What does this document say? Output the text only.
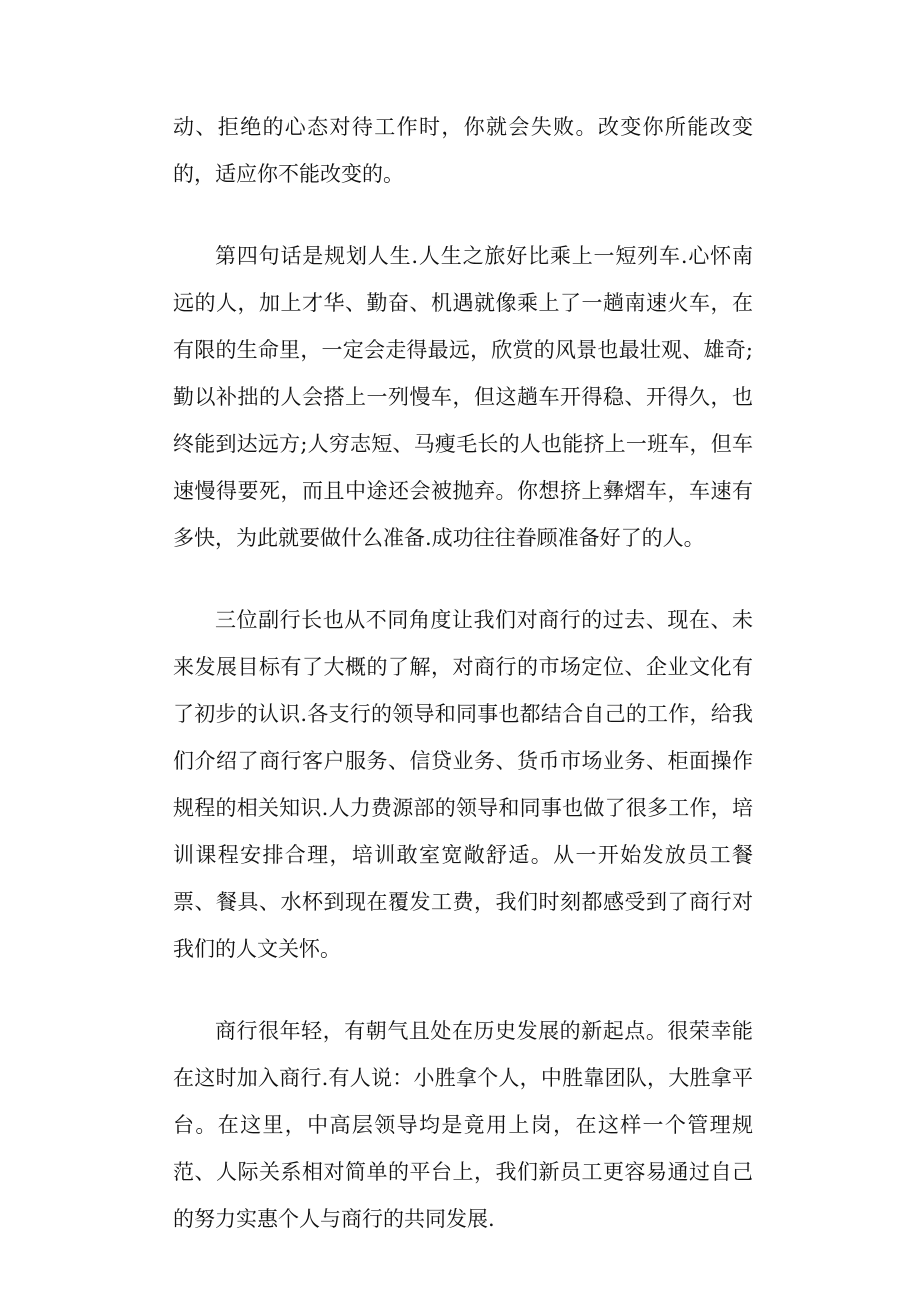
动、拒绝的心态对待工作时，你就会失败。改变你所能改变的，适应你不能改变的。

第四句话是规划人生.人生之旅好比乘上一短列车.心怀南远的人，加上才华、勤奋、机遇就像乘上了一趟南速火车，在有限的生命里，一定会走得最远，欣赏的风景也最壮观、雄奇;勤以补拙的人会搭上一列慢车，但这趟车开得稳、开得久，也终能到达远方;人穷志短、马瘦毛长的人也能挤上一班车，但车速慢得要死，而且中途还会被抛弃。你想挤上彝熠车，车速有多快，为此就要做什么准备.成功往往眷顾准备好了的人。

三位副行长也从不同角度让我们对商行的过去、现在、未来发展目标有了大概的了解，对商行的市场定位、企业文化有了初步的认识.各支行的领导和同事也都结合自己的工作，给我们介绍了商行客户服务、信贷业务、货币市场业务、柜面操作规程的相关知识.人力费源部的领导和同事也做了很多工作，培训课程安排合理，培训敢室宽敞舒适。从一开始发放员工餐票、餐具、水杯到现在覆发工费，我们时刻都感受到了商行对我们的人文关怀。

商行很年轻，有朝气且处在历史发展的新起点。很荣幸能在这时加入商行.有人说：小胜拿个人，中胜靠团队，大胜拿平台。在这里，中高层领导均是竟用上岗，在这样一个管理规范、人际关系相对简单的平台上，我们新员工更容易通过自己的努力实惠个人与商行的共同发展.
